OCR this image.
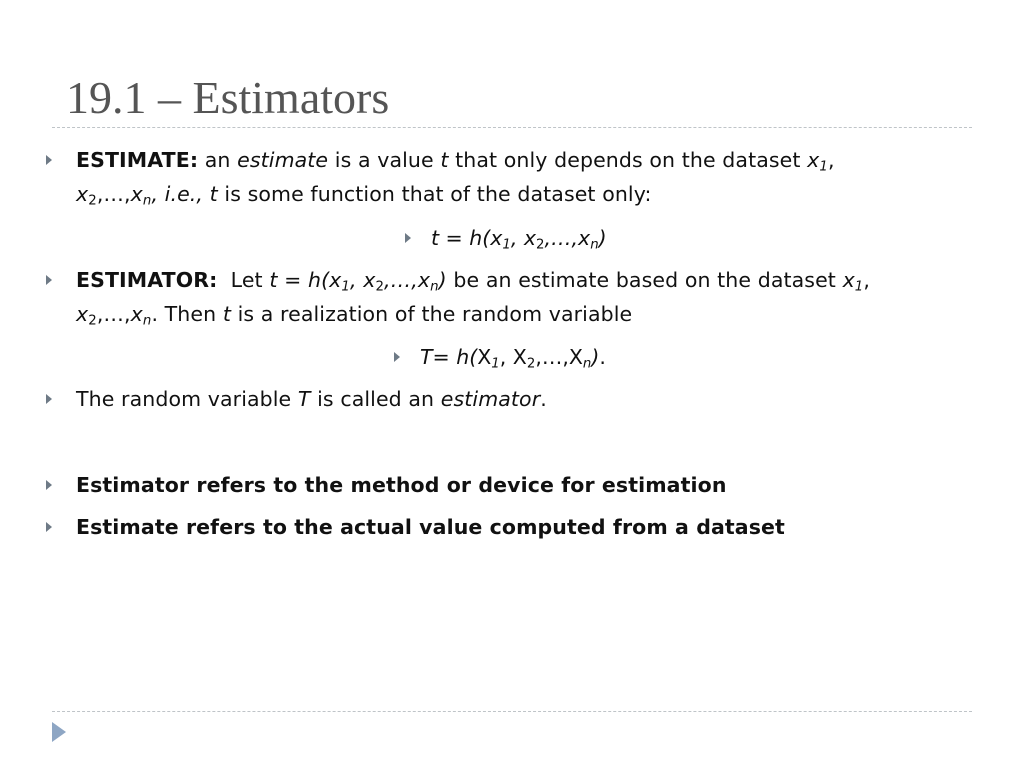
19.1 – Estimators
ESTIMATE: an estimate is a value t that only depends on the dataset $x_1$,
$x_2,\dots,x_n$, i.e., t is some function that of the dataset only:
$t = h(x_1$, $x_2,\dots,x_n$)
ESTIMATOR:  Let $t = h(x_1$, $x_2,\dots,x_n$) be an estimate based on the dataset $x_1$,
$x_2,\dots,x_n$. Then t is a realization of the random variable
$T= h(X_1$, $X_2,\dots,X_n$).
The random variable T is called an estimator.
Estimator refers to the method or device for estimation
Estimate refers to the actual value computed from a dataset
